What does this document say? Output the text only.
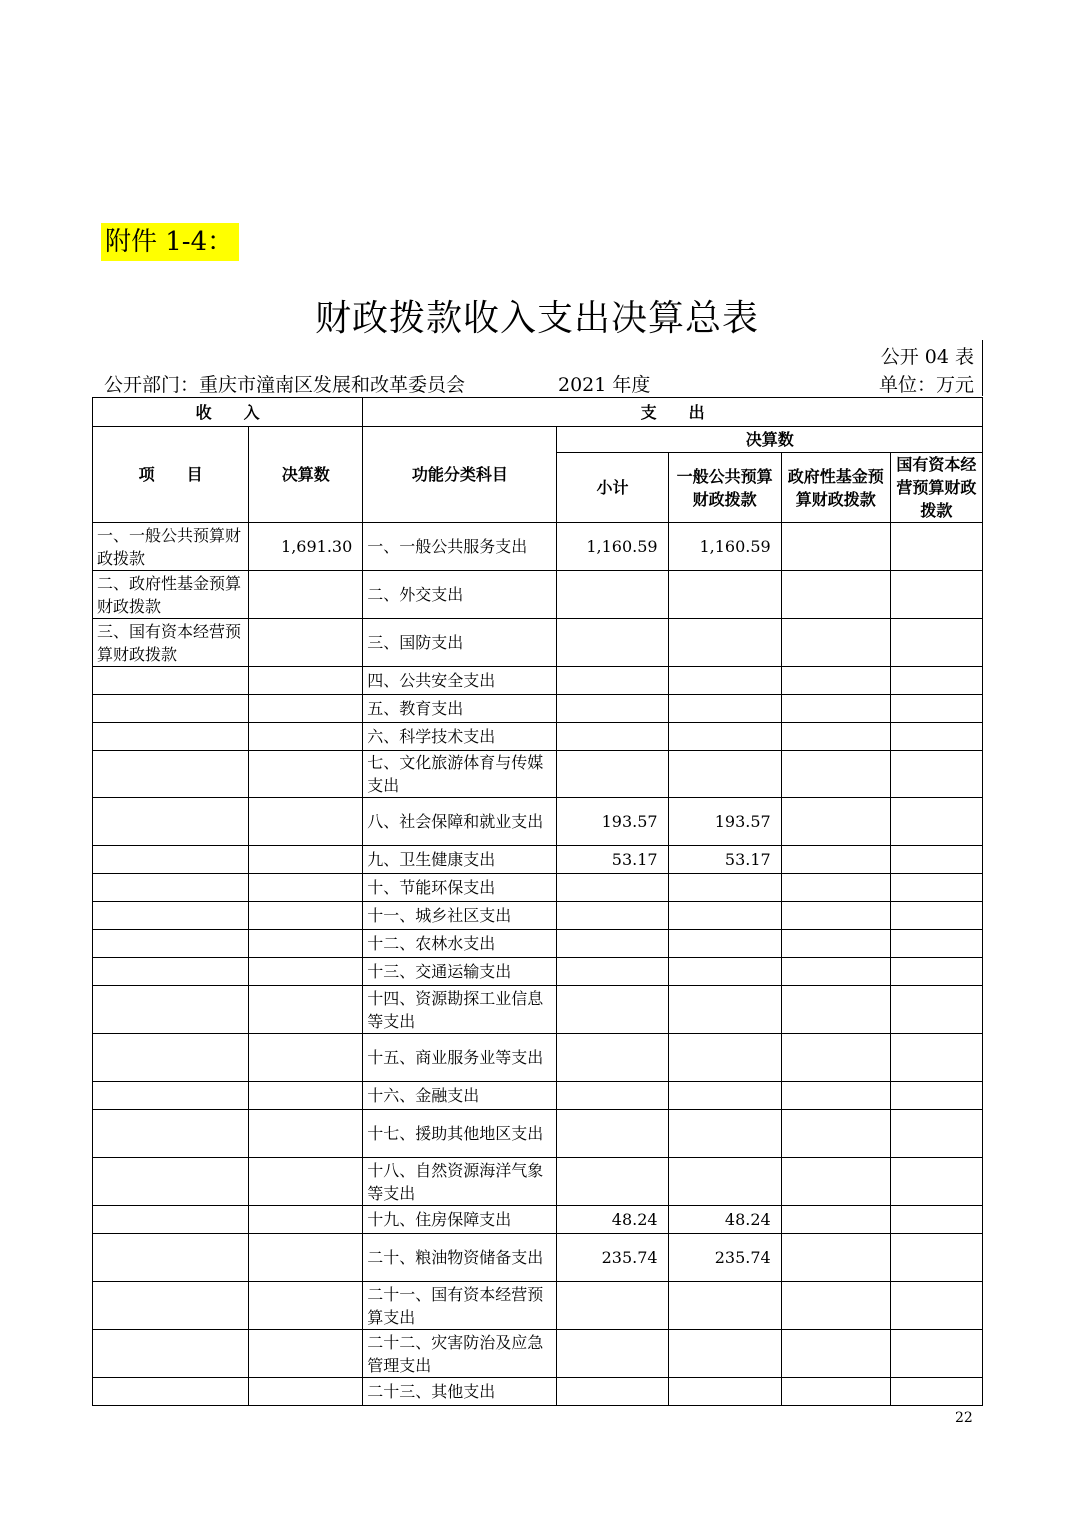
附件 1-4：
财政拨款收入支出决算总表
公开 04 表
公开部门：重庆市潼南区发展和改革委员会	2021 年度	单位：万元
收　　入		支　　出				
项　　目	决算数	功能分类科目	决算数			
			小计	一般公共预算财政拨款	政府性基金预算财政拨款	国有资本经营预算财政拨款
一、一般公共预算财政拨款	1,691.30	一、一般公共服务支出	1,160.59	1,160.59		
二、政府性基金预算财政拨款		二、外交支出				
三、国有资本经营预算财政拨款		三、国防支出				
		四、公共安全支出				
		五、教育支出				
		六、科学技术支出				
		七、文化旅游体育与传媒支出				
		八、社会保障和就业支出	193.57	193.57		
		九、卫生健康支出	53.17	53.17		
		十、节能环保支出				
		十一、城乡社区支出				
		十二、农林水支出				
		十三、交通运输支出				
		十四、资源勘探工业信息等支出				
		十五、商业服务业等支出				
		十六、金融支出				
		十七、援助其他地区支出				
		十八、自然资源海洋气象等支出				
		十九、住房保障支出	48.24	48.24		
		二十、粮油物资储备支出	235.74	235.74		
		二十一、国有资本经营预算支出				
		二十二、灾害防治及应急管理支出				
		二十三、其他支出				
22
